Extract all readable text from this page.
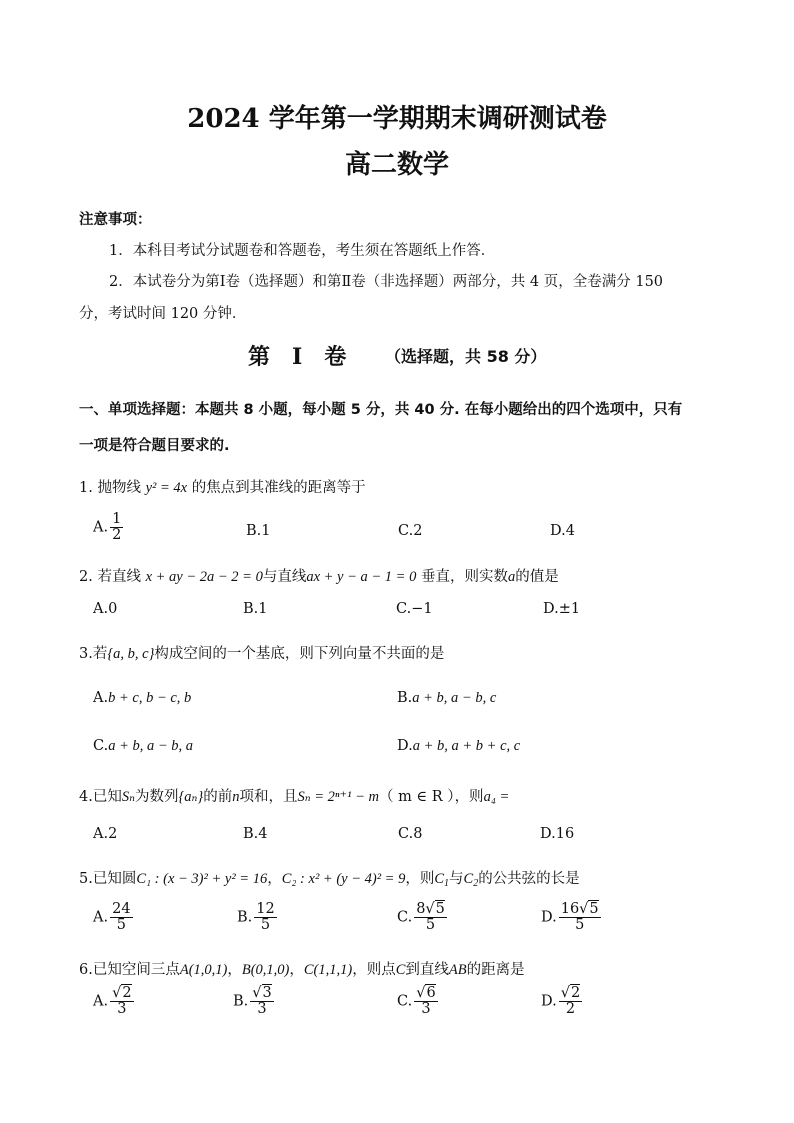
2024 学年第一学期期末调研测试卷
高二数学
注意事项：
1．本科目考试分试题卷和答题卷，考生须在答题纸上作答．
2．本试卷分为第Ⅰ卷（选择题）和第Ⅱ卷（非选择题）两部分，共 4 页，全卷满分 150
分，考试时间 120 分钟．
第　Ⅰ　卷 （选择题，共 58 分）
一、单项选择题：本题共 8 小题，每小题 5 分，共 40 分. 在每小题给出的四个选项中，只有
一项是符合题目要求的.
1. 抛物线 y² = 4x 的焦点到其准线的距离等于
A. $\frac{1}{2}$	B.1	C.2	D.4
2. 若直线 x + ay − 2a − 2 = 0与直线ax + y − a − 1 = 0 垂直，则实数a的值是
A.0	B.1	C.−1	D.±1
3.若{a, b, c}构成空间的一个基底，则下列向量不共面的是
A.b + c, b − c, b	B.a + b, a − b, c
C.a + b, a − b, a	D.a + b, a + b + c, c
4.已知Sₙ为数列{aₙ}的前n项和，且Sₙ = 2ⁿ⁺¹ − m（ m ∈ R ），则a₄ =
A.2	B.4	C.8	D.16
5.已知圆C₁ : (x − 3)² + y² = 16，C₂ : x² + (y − 4)² = 9，则$C_1$与$C_2$的公共弦的长是
A. $\frac{24}{5}$	B. $\frac{12}{5}$	C. $\frac{8√5}{5}$	D. $\frac{16√5}{5}$
6.已知空间三点A(1,0,1)，B(0,1,0)，C(1,1,1)，则点C到直线AB的距离是
A. $\frac{√2}{3}$	B. $\frac{√3}{3}$	C. $\frac{√6}{3}$	D. $\frac{√2}{2}$
